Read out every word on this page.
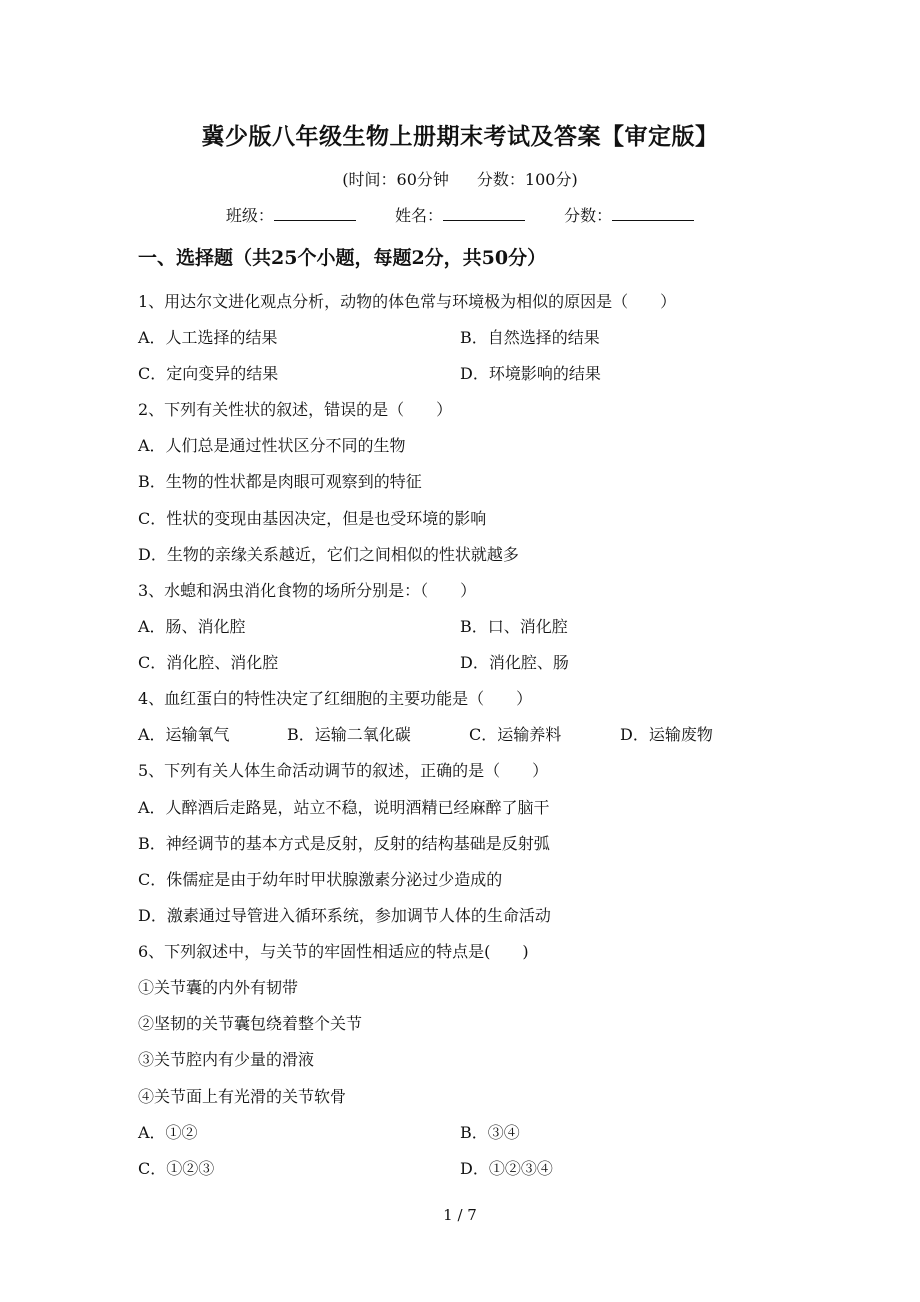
冀少版八年级生物上册期末考试及答案【审定版】
(时间：60分钟 分数：100分)
班级：	姓名：	分数：
一、选择题（共25个小题，每题2分，共50分）
1、用达尔文进化观点分析，动物的体色常与环境极为相似的原因是（　　）
A．人工选择的结果	B．自然选择的结果
C．定向变异的结果	D．环境影响的结果
2、下列有关性状的叙述，错误的是（　　）
A．人们总是通过性状区分不同的生物
B．生物的性状都是肉眼可观察到的特征
C．性状的变现由基因决定，但是也受环境的影响
D．生物的亲缘关系越近，它们之间相似的性状就越多
3、水螅和涡虫消化食物的场所分别是：（　　）
A．肠、消化腔	B．口、消化腔
C．消化腔、消化腔	D．消化腔、肠
4、血红蛋白的特性决定了红细胞的主要功能是（　　）
A．运输氧气	B．运输二氧化碳	C．运输养料	D．运输废物
5、下列有关人体生命活动调节的叙述，正确的是（　　）
A．人醉酒后走路晃，站立不稳，说明酒精已经麻醉了脑干
B．神经调节的基本方式是反射，反射的结构基础是反射弧
C．侏儒症是由于幼年时甲状腺激素分泌过少造成的
D．激素通过导管进入循环系统，参加调节人体的生命活动
6、下列叙述中，与关节的牢固性相适应的特点是(　　)
①关节囊的内外有韧带
②坚韧的关节囊包绕着整个关节
③关节腔内有少量的滑液
④关节面上有光滑的关节软骨
A．①②	B．③④
C．①②③	D．①②③④
1 / 7
